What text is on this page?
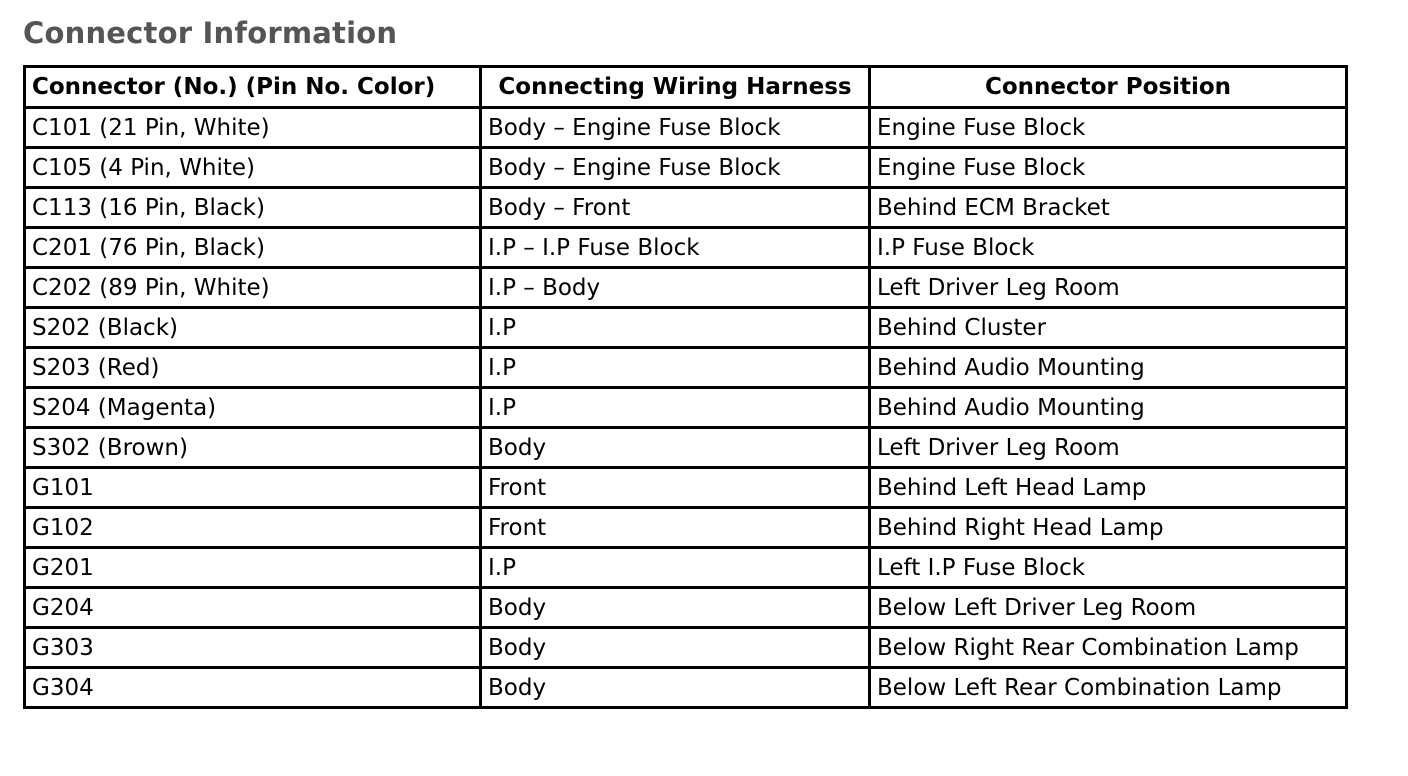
Connector Information
Connector (No.) (Pin No. Color)	Connecting Wiring Harness	Connector Position
C101 (21 Pin, White)	Body – Engine Fuse Block	Engine Fuse Block
C105 (4 Pin, White)	Body – Engine Fuse Block	Engine Fuse Block
C113 (16 Pin, Black)	Body – Front	Behind ECM Bracket
C201 (76 Pin, Black)	I.P – I.P Fuse Block	I.P Fuse Block
C202 (89 Pin, White)	I.P – Body	Left Driver Leg Room
S202 (Black)	I.P	Behind Cluster
S203 (Red)	I.P	Behind Audio Mounting
S204 (Magenta)	I.P	Behind Audio Mounting
S302 (Brown)	Body	Left Driver Leg Room
G101	Front	Behind Left Head Lamp
G102	Front	Behind Right Head Lamp
G201	I.P	Left I.P Fuse Block
G204	Body	Below Left Driver Leg Room
G303	Body	Below Right Rear Combination Lamp
G304	Body	Below Left Rear Combination Lamp
